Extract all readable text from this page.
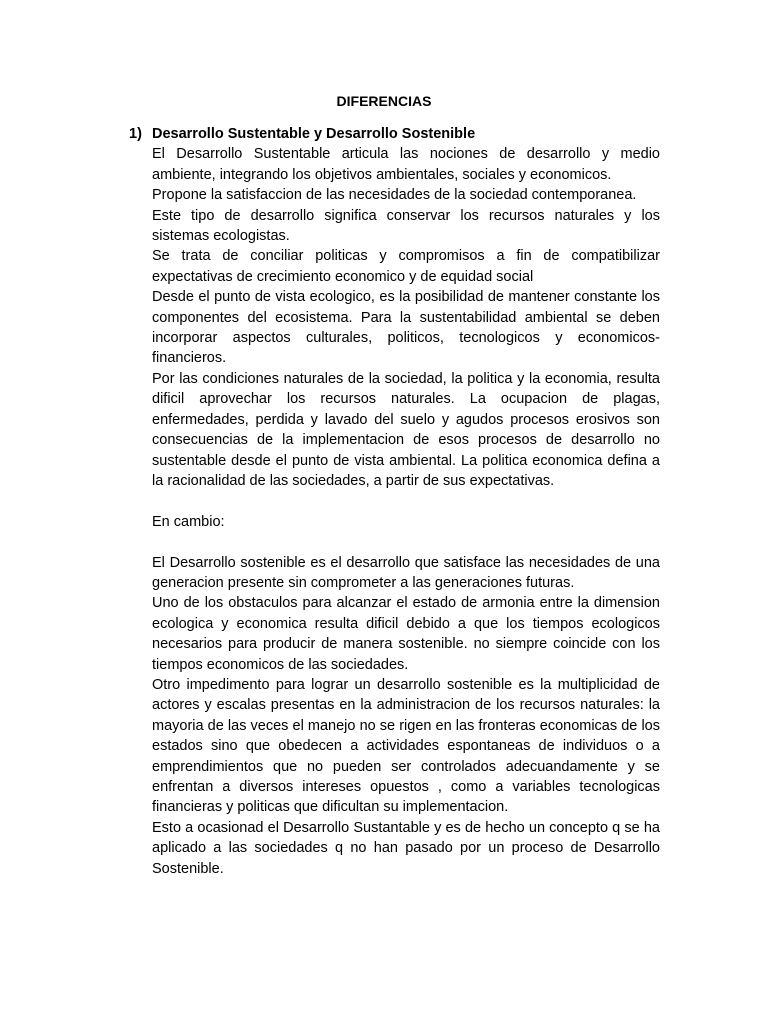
DIFERENCIAS
1) Desarrollo Sustentable y Desarrollo Sostenible

El Desarrollo Sustentable articula las nociones de desarrollo y medio ambiente, integrando los objetivos ambientales, sociales y economicos.

Propone la satisfaccion de las necesidades de la sociedad contemporanea.

Este tipo de desarrollo significa conservar los recursos naturales y los sistemas ecologistas.

Se trata de conciliar politicas y compromisos a fin de compatibilizar expectativas de crecimiento economico y de equidad social

Desde el punto de vista ecologico, es la posibilidad de mantener constante los componentes del ecosistema. Para la sustentabilidad ambiental se deben incorporar aspectos culturales, politicos, tecnologicos y economicos-financieros.

Por las condiciones naturales de la sociedad, la politica y la economia, resulta dificil aprovechar los recursos naturales. La ocupacion de plagas, enfermedades, perdida y lavado del suelo y agudos procesos erosivos son consecuencias de la implementacion de esos procesos de desarrollo no sustentable desde el punto de vista ambiental. La politica economica defina a la racionalidad de las sociedades, a partir de sus expectativas.

En cambio:

El Desarrollo sostenible es el desarrollo que satisface las necesidades de una generacion presente sin comprometer a las generaciones futuras.

Uno de los obstaculos para alcanzar el estado de armonia entre la dimension ecologica y economica resulta dificil debido a que los tiempos ecologicos necesarios para producir de manera sostenible. no siempre coincide con los tiempos economicos de las sociedades.

Otro impedimento para lograr un desarrollo sostenible es la multiplicidad de actores y escalas presentas en la administracion de los recursos naturales: la mayoria de las veces el manejo no se rigen en las fronteras economicas de los estados sino que obedecen a actividades espontaneas de individuos o a emprendimientos que no pueden ser controlados adecuandamente y se enfrentan a diversos intereses opuestos , como a variables tecnologicas financieras y politicas que dificultan su implementacion.

Esto a ocasionad el Desarrollo Sustantable y es de hecho un concepto q se ha aplicado a las sociedades q no han pasado por un proceso de Desarrollo Sostenible.
